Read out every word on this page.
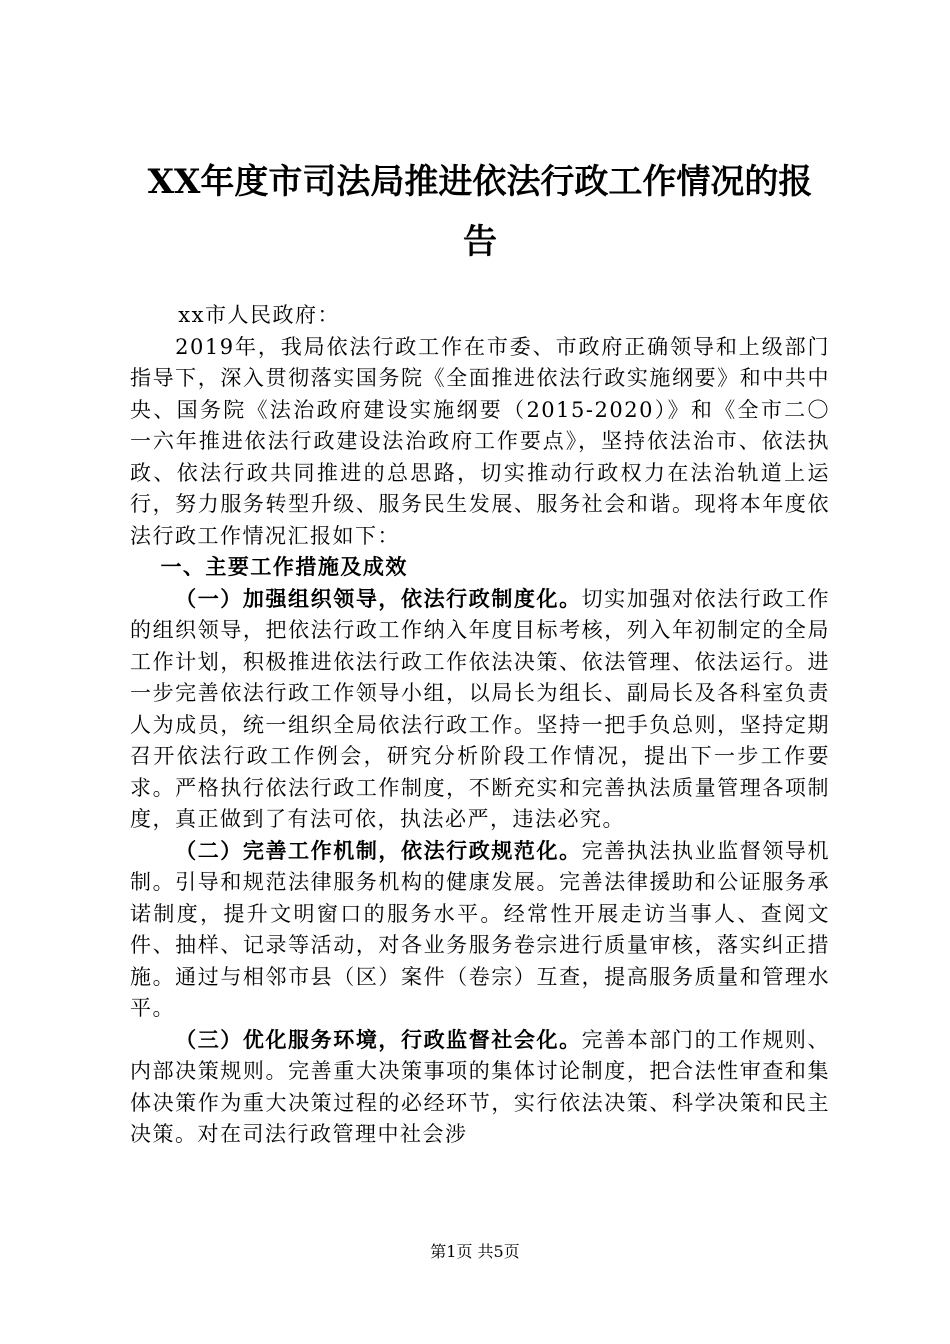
XX年度市司法局推进依法行政工作情况的报
告

xx市人民政府：

2019年，我局依法行政工作在市委、市政府正确领导和上级部门指导下，深入贯彻落实国务院《全面推进依法行政实施纲要》和中共中央、国务院《法治政府建设实施纲要（2015-2020）》和《全市二〇一六年推进依法行政建设法治政府工作要点》，坚持依法治市、依法执政、依法行政共同推进的总思路，切实推动行政权力在法治轨道上运行，努力服务转型升级、服务民生发展、服务社会和谐。现将本年度依法行政工作情况汇报如下：

一、主要工作措施及成效

（一）加强组织领导，依法行政制度化。切实加强对依法行政工作的组织领导，把依法行政工作纳入年度目标考核，列入年初制定的全局工作计划，积极推进依法行政工作依法决策、依法管理、依法运行。进一步完善依法行政工作领导小组，以局长为组长、副局长及各科室负责人为成员，统一组织全局依法行政工作。坚持一把手负总则，坚持定期召开依法行政工作例会，研究分析阶段工作情况，提出下一步工作要求。严格执行依法行政工作制度，不断充实和完善执法质量管理各项制度，真正做到了有法可依，执法必严，违法必究。

（二）完善工作机制，依法行政规范化。完善执法执业监督领导机制。引导和规范法律服务机构的健康发展。完善法律援助和公证服务承诺制度，提升文明窗口的服务水平。经常性开展走访当事人、查阅文件、抽样、记录等活动，对各业务服务卷宗进行质量审核，落实纠正措施。通过与相邻市县（区）案件（卷宗）互查，提高服务质量和管理水平。

（三）优化服务环境，行政监督社会化。完善本部门的工作规则、内部决策规则。完善重大决策事项的集体讨论制度，把合法性审查和集体决策作为重大决策过程的必经环节，实行依法决策、科学决策和民主决策。对在司法行政管理中社会涉

第1页 共5页
